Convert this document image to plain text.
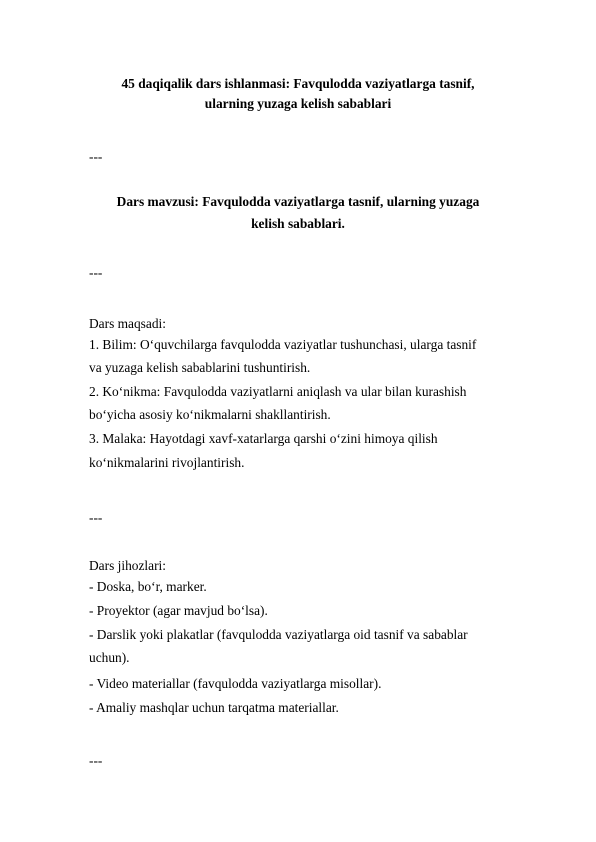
45 daqiqalik dars ishlanmasi: Favqulodda vaziyatlarga tasnif,
ularning yuzaga kelish sabablari
---
Dars mavzusi: Favqulodda vaziyatlarga tasnif, ularning yuzaga
kelish sabablari.
---
Dars maqsadi:
1. Bilim: O‘quvchilarga favqulodda vaziyatlar tushunchasi, ularga tasnif
va yuzaga kelish sabablarini tushuntirish.
2. Ko‘nikma: Favqulodda vaziyatlarni aniqlash va ular bilan kurashish
bo‘yicha asosiy ko‘nikmalarni shakllantirish.
3. Malaka: Hayotdagi xavf-xatarlarga qarshi o‘zini himoya qilish
ko‘nikmalarini rivojlantirish.
---
Dars jihozlari:
- Doska, bo‘r, marker.
- Proyektor (agar mavjud bo‘lsa).
- Darslik yoki plakatlar (favqulodda vaziyatlarga oid tasnif va sabablar
uchun).
- Video materiallar (favqulodda vaziyatlarga misollar).
- Amaliy mashqlar uchun tarqatma materiallar.
---
